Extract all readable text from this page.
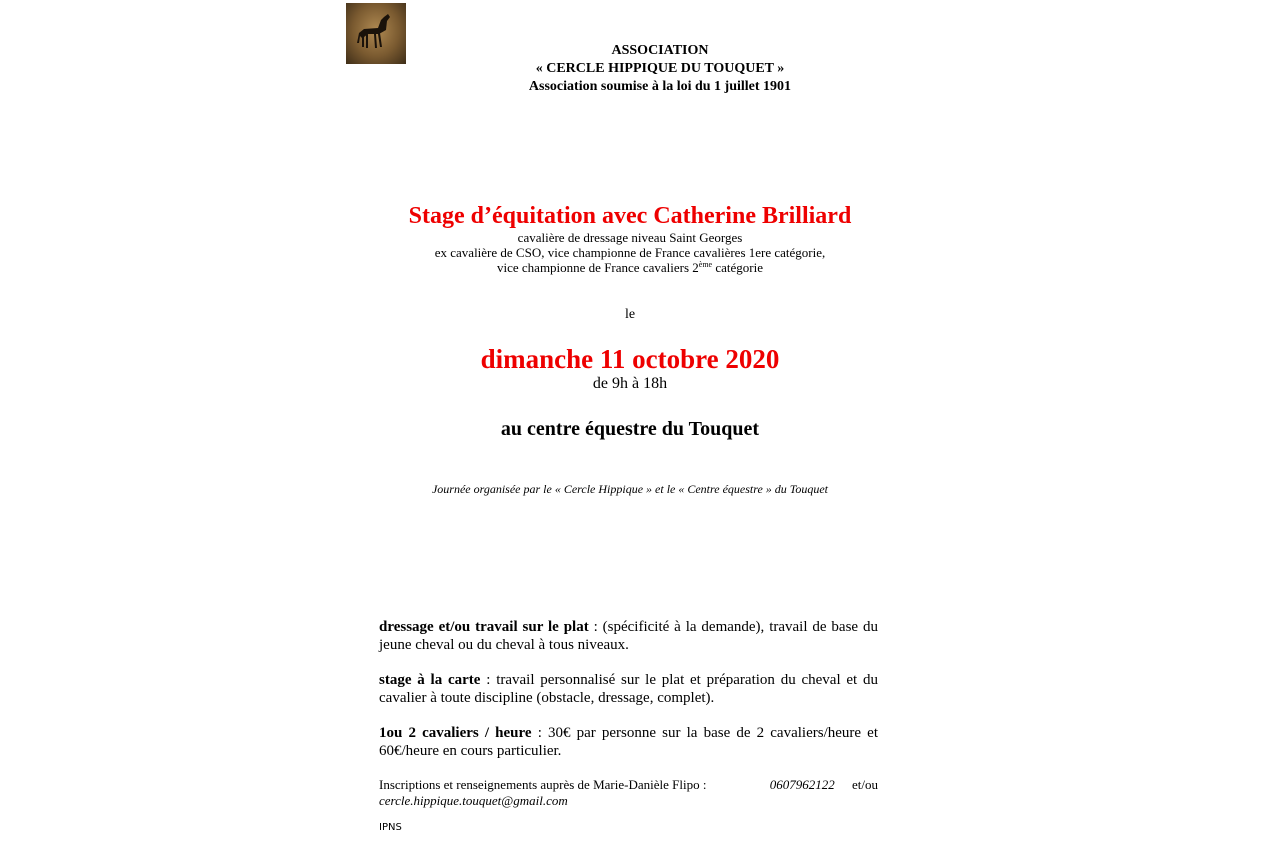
ASSOCIATION
« CERCLE HIPPIQUE DU TOUQUET »
Association soumise à la loi du 1 juillet 1901
Stage d’équitation avec Catherine Brilliard
cavalière de dressage niveau Saint Georges
ex cavalière de CSO, vice championne de France cavalières 1ere catégorie,
vice championne de France cavaliers 2ème catégorie
le
dimanche 11 octobre 2020
de 9h à 18h
au centre équestre du Touquet
Journée organisée par le « Cercle Hippique » et le « Centre équestre » du Touquet
dressage et/ou travail sur le plat : (spécificité à la demande), travail de base du jeune cheval ou du cheval à tous niveaux.
stage à la carte : travail personnalisé sur le plat et préparation du cheval et du cavalier à toute discipline (obstacle, dressage, complet).
1ou 2 cavaliers / heure : 30€ par personne sur la base de 2 cavaliers/heure et 60€/heure en cours particulier.
Inscriptions et renseignements auprès de Marie-Danièle Flipo :	0607962122 et/ou
cercle.hippique.touquet@gmail.com
IPNS
